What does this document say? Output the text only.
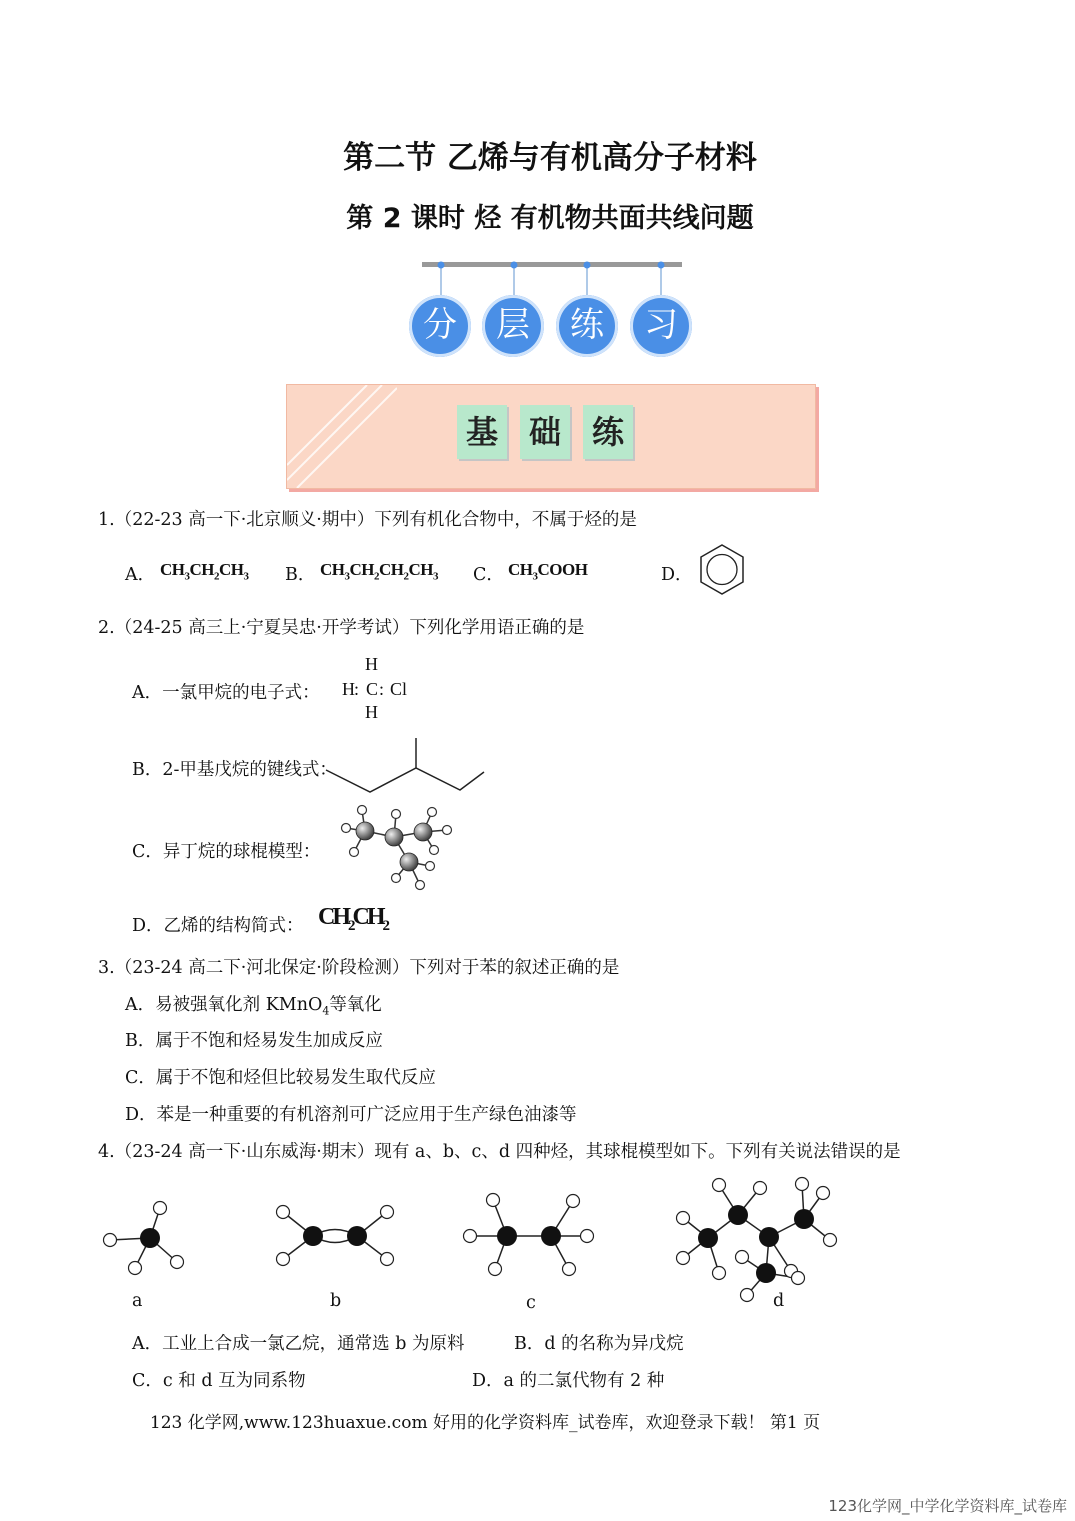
第二节 乙烯与有机高分子材料
第 2 课时 烃 有机物共面共线问题
分	层	练	习
基 础 练
1.（22-23 高一下·北京顺义·期中）下列有机化合物中，不属于烃的是
A． $CH_3CH_2CH_3$ B． $CH_3CH_2CH_2CH_3$ C． $CH_3COOH$	D．
2.（24-25 高三上·宁夏吴忠·开学考试）下列化学用语正确的是
A．一氯甲烷的电子式：
H
H : C : Cl
H
B．2-甲基戊烷的键线式：
C．异丁烷的球棍模型：
D．乙烯的结构简式： $CH_2CH_2$
3.（23-24 高二下·河北保定·阶段检测）下列对于苯的叙述正确的是
A．易被强氧化剂 KMnO$_4$等氧化
B．属于不饱和烃易发生加成反应
C．属于不饱和烃但比较易发生取代反应
D．苯是一种重要的有机溶剂可广泛应用于生产绿色油漆等
4.（23-24 高一下·山东威海·期末）现有 a、b、c、d 四种烃，其球棍模型如下。下列有关说法错误的是
a	b	c	d
A．工业上合成一氯乙烷，通常选 b 为原料	B．d 的名称为异戊烷
C．c 和 d 互为同系物	D．a 的二氯代物有 2 种
123 化学网,www.123huaxue.com 好用的化学资料库_试卷库，欢迎登录下载！ 第1 页
123化学网_中学化学资料库_试卷库
